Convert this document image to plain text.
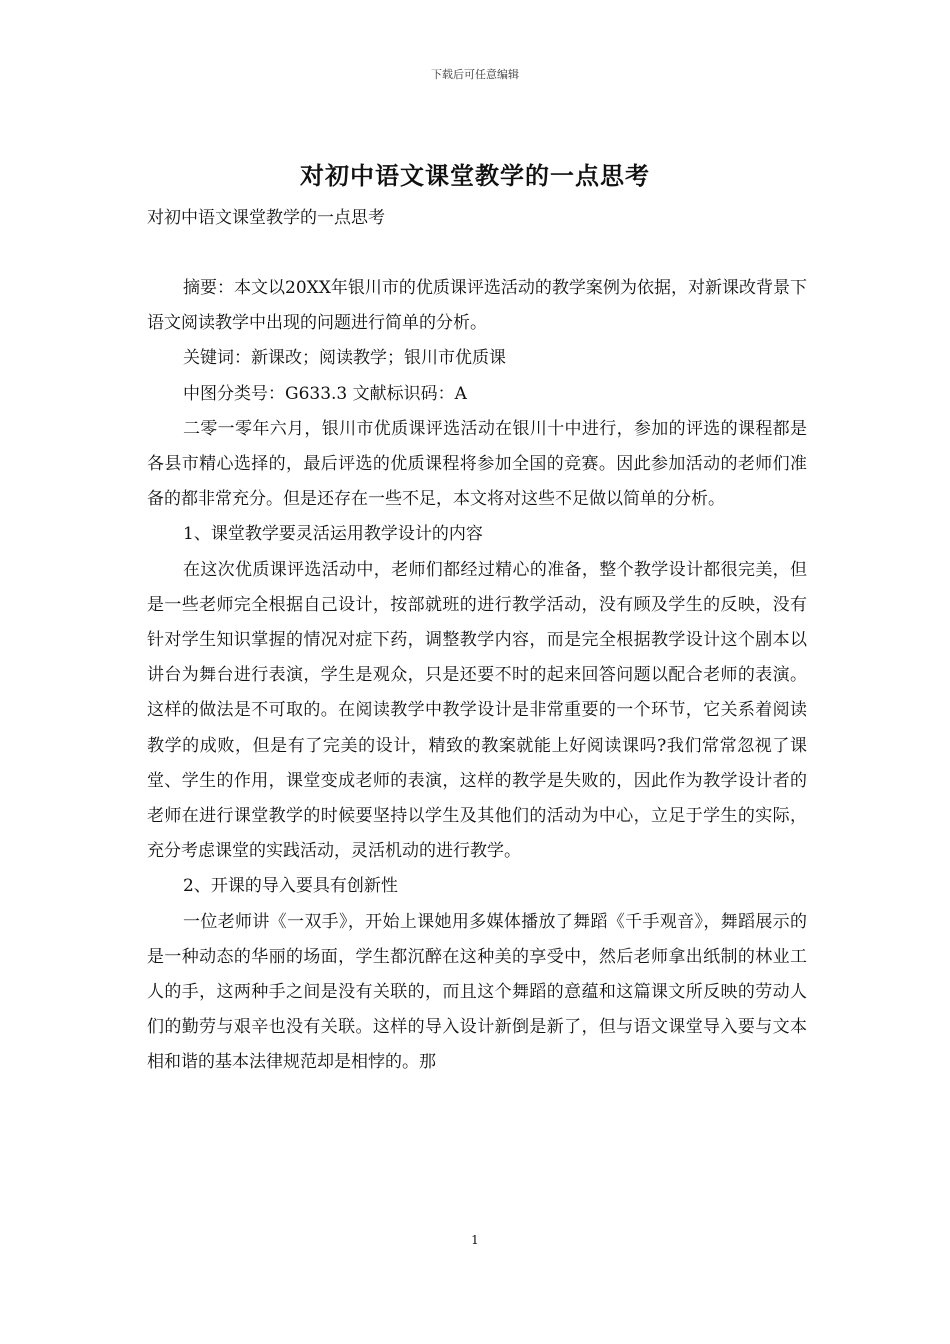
下载后可任意编辑
对初中语文课堂教学的一点思考
对初中语文课堂教学的一点思考

摘要：本文以20XX年银川市的优质课评选活动的教学案例为依据，对新课改背景下语文阅读教学中出现的问题进行简单的分析。

关键词：新课改；阅读教学；银川市优质课

中图分类号：G633.3 文献标识码：A

二零一零年六月，银川市优质课评选活动在银川十中进行，参加的评选的课程都是各县市精心选择的，最后评选的优质课程将参加全国的竞赛。因此参加活动的老师们准备的都非常充分。但是还存在一些不足，本文将对这些不足做以简单的分析。

1、课堂教学要灵活运用教学设计的内容

在这次优质课评选活动中，老师们都经过精心的准备，整个教学设计都很完美，但是一些老师完全根据自己设计，按部就班的进行教学活动，没有顾及学生的反映，没有针对学生知识掌握的情况对症下药，调整教学内容，而是完全根据教学设计这个剧本以讲台为舞台进行表演，学生是观众，只是还要不时的起来回答问题以配合老师的表演。这样的做法是不可取的。在阅读教学中教学设计是非常重要的一个环节，它关系着阅读教学的成败，但是有了完美的设计，精致的教案就能上好阅读课吗?我们常常忽视了课堂、学生的作用，课堂变成老师的表演，这样的教学是失败的，因此作为教学设计者的老师在进行课堂教学的时候要坚持以学生及其他们的活动为中心，立足于学生的实际，充分考虑课堂的实践活动，灵活机动的进行教学。

2、开课的导入要具有创新性

一位老师讲《一双手》，开始上课她用多媒体播放了舞蹈《千手观音》，舞蹈展示的是一种动态的华丽的场面，学生都沉醉在这种美的享受中，然后老师拿出纸制的林业工人的手，这两种手之间是没有关联的，而且这个舞蹈的意蕴和这篇课文所反映的劳动人们的勤劳与艰辛也没有关联。这样的导入设计新倒是新了，但与语文课堂导入要与文本相和谐的基本法律规范却是相悖的。那

1
